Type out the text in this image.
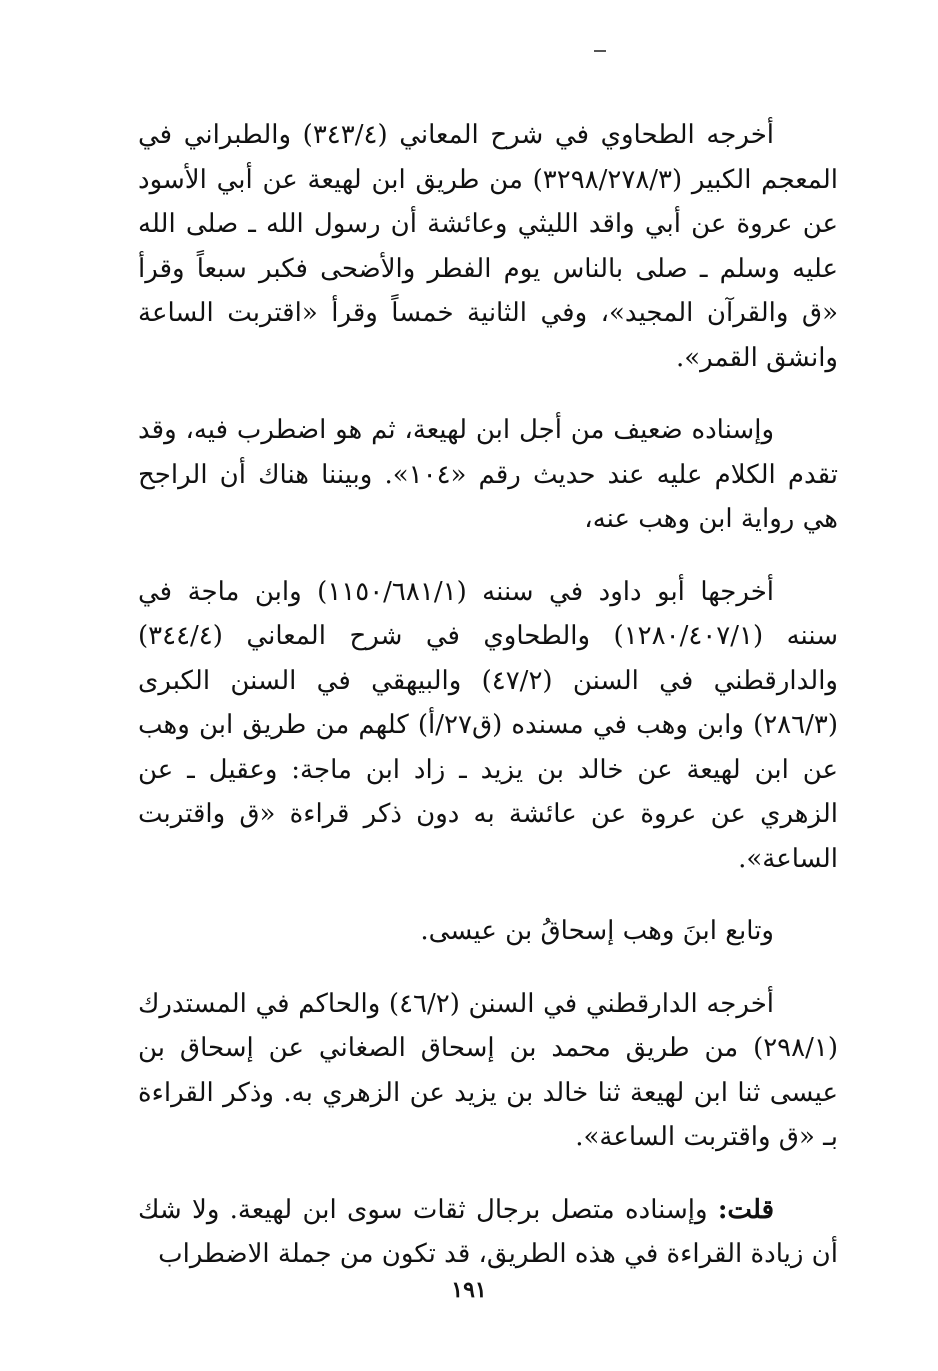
أخرجه الطحاوي في شرح المعاني (٣٤٣/٤) والطبراني في المعجم الكبير (٣٢٩٨/٢٧٨/٣) من طريق ابن لهيعة عن أبي الأسود عن عروة عن أبي واقد الليثي وعائشة أن رسول الله ـ صلى الله عليه وسلم ـ صلى بالناس يوم الفطر والأضحى فكبر سبعاً وقرأ «ق والقرآن المجيد»، وفي الثانية خمساً وقرأ «اقتربت الساعة وانشق القمر».

وإسناده ضعيف من أجل ابن لهيعة، ثم هو اضطرب فيه، وقد تقدم الكلام عليه عند حديث رقم «١٠٤». وبيننا هناك أن الراجح هي رواية ابن وهب عنه،

أخرجها أبو داود في سننه (١١٥٠/٦٨١/١) وابن ماجة في سننه (١٢٨٠/٤٠٧/١) والطحاوي في شرح المعاني (٣٤٤/٤) والدارقطني في السنن (٤٧/٢) والبيهقي في السنن الكبرى (٢٨٦/٣) وابن وهب في مسنده (ق٢٧/أ) كلهم من طريق ابن وهب عن ابن لهيعة عن خالد بن يزيد ـ زاد ابن ماجة: وعقيل ـ عن الزهري عن عروة عن عائشة به دون ذكر قراءة «ق واقتربت الساعة».

وتابع ابنَ وهب إسحاقُ بن عيسى.

أخرجه الدارقطني في السنن (٤٦/٢) والحاكم في المستدرك (٢٩٨/١) من طريق محمد بن إسحاق الصغاني عن إسحاق بن عيسى ثنا ابن لهيعة ثنا خالد بن يزيد عن الزهري به. وذكر القراءة بـ «ق واقتربت الساعة».

قلت: وإسناده متصل برجال ثقات سوى ابن لهيعة. ولا شك أن زيادة القراءة في هذه الطريق، قد تكون من جملة الاضطراب

١٩١
